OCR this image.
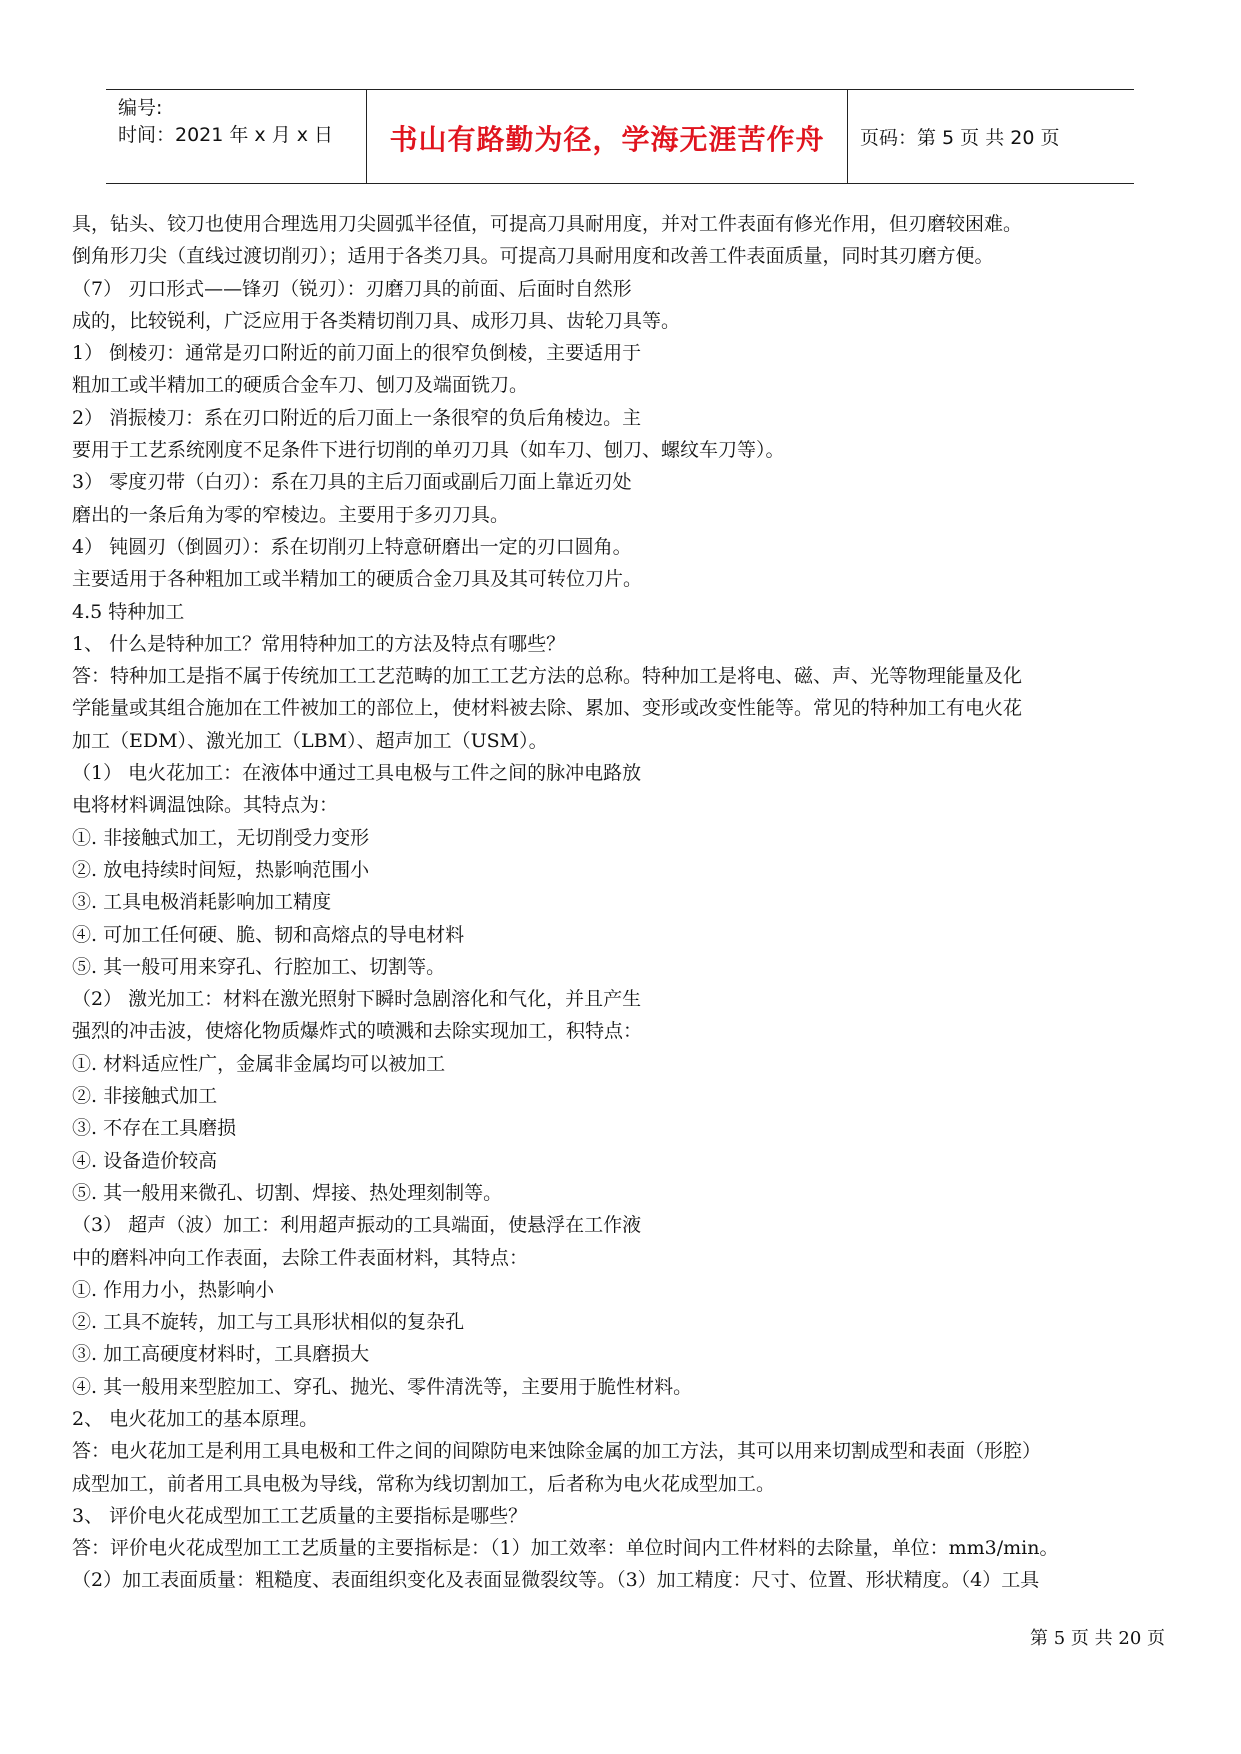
编号:
时间：2021 年 x 月 x 日	书山有路勤为径，学海无涯苦作舟	页码：第 5 页 共 20 页
具，钻头、铰刀也使用合理选用刀尖圆弧半径值，可提高刀具耐用度，并对工件表面有修光作用，但刃磨较困难。
倒角形刀尖（直线过渡切削刃）；适用于各类刀具。可提高刀具耐用度和改善工件表面质量，同时其刃磨方便。
（7） 刃口形式——锋刃（锐刃）：刃磨刀具的前面、后面时自然形
成的，比较锐利，广泛应用于各类精切削刀具、成形刀具、齿轮刀具等。
1） 倒棱刃：通常是刃口附近的前刀面上的很窄负倒棱，主要适用于
粗加工或半精加工的硬质合金车刀、刨刀及端面铣刀。
2） 消振棱刀：系在刃口附近的后刀面上一条很窄的负后角棱边。主
要用于工艺系统刚度不足条件下进行切削的单刃刀具（如车刀、刨刀、螺纹车刀等）。
3） 零度刃带（白刃）：系在刀具的主后刀面或副后刀面上靠近刃处
磨出的一条后角为零的窄棱边。主要用于多刃刀具。
4） 钝圆刃（倒圆刃）：系在切削刃上特意研磨出一定的刃口圆角。
主要适用于各种粗加工或半精加工的硬质合金刀具及其可转位刀片。
4.5 特种加工
1、 什么是特种加工？常用特种加工的方法及特点有哪些？
答：特种加工是指不属于传统加工工艺范畴的加工工艺方法的总称。特种加工是将电、磁、声、光等物理能量及化
学能量或其组合施加在工件被加工的部位上，使材料被去除、累加、变形或改变性能等。常见的特种加工有电火花
加工（EDM）、激光加工（LBM）、超声加工（USM）。
（1） 电火花加工：在液体中通过工具电极与工件之间的脉冲电路放
电将材料调温蚀除。其特点为：
①. 非接触式加工，无切削受力变形
②. 放电持续时间短，热影响范围小
③. 工具电极消耗影响加工精度
④. 可加工任何硬、脆、韧和高熔点的导电材料
⑤. 其一般可用来穿孔、行腔加工、切割等。
（2） 激光加工：材料在激光照射下瞬时急剧溶化和气化，并且产生
强烈的冲击波，使熔化物质爆炸式的喷溅和去除实现加工，积特点：
①. 材料适应性广，金属非金属均可以被加工
②. 非接触式加工
③. 不存在工具磨损
④. 设备造价较高
⑤. 其一般用来微孔、切割、焊接、热处理刻制等。
（3） 超声（波）加工：利用超声振动的工具端面，使悬浮在工作液
中的磨料冲向工作表面，去除工件表面材料，其特点：
①. 作用力小，热影响小
②. 工具不旋转，加工与工具形状相似的复杂孔
③. 加工高硬度材料时，工具磨损大
④. 其一般用来型腔加工、穿孔、抛光、零件清洗等，主要用于脆性材料。
2、 电火花加工的基本原理。
答：电火花加工是利用工具电极和工件之间的间隙防电来蚀除金属的加工方法，其可以用来切割成型和表面（形腔）
成型加工，前者用工具电极为导线，常称为线切割加工，后者称为电火花成型加工。
3、 评价电火花成型加工工艺质量的主要指标是哪些？
答：评价电火花成型加工工艺质量的主要指标是：（1）加工效率：单位时间内工件材料的去除量，单位：mm3/min。
（2）加工表面质量：粗糙度、表面组织变化及表面显微裂纹等。（3）加工精度：尺寸、位置、形状精度。（4）工具
第 5 页 共 20 页
